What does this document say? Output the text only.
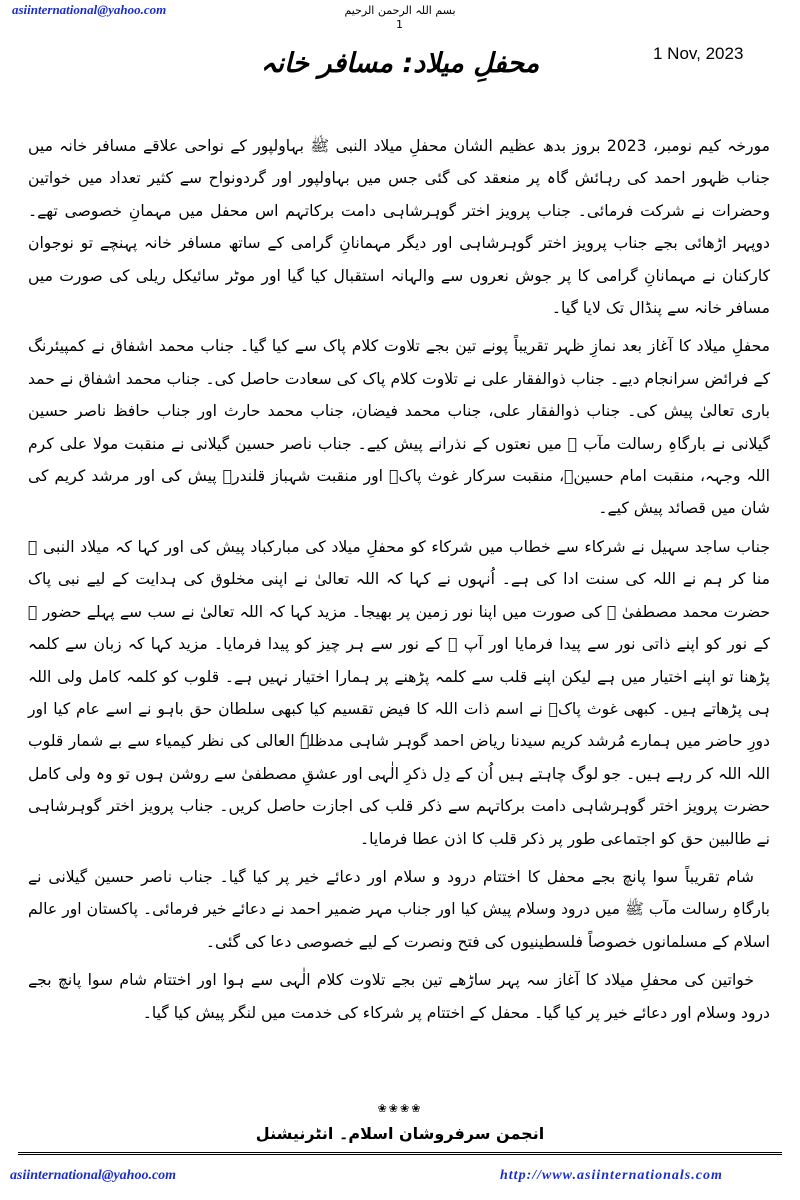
asiinternational@yahoo.com	بسم اللہ الرحمن الرحیم
1
1 Nov, 2023
محفلِ میلاد: مسافر خانہ

مورخہ کیم نومبر، 2023 بروز بدھ عظیم الشان محفلِ میلاد النبی ﷺ بہاولپور کے نواحی علاقے مسافر خانہ میں جناب ظہور احمد کی رہائش گاہ پر منعقد کی گئی جس میں بہاولپور اور گردونواح سے کثیر تعداد میں خواتین وحضرات نے شرکت فرمائی۔ جناب پرویز اختر گوہرشاہی دامت برکاتہم اس محفل میں مہمانِ خصوصی تھے۔ دوپہر اڑھائی بجے جناب پرویز اختر گوہرشاہی اور دیگر مہمانانِ گرامی کے ساتھ مسافر خانہ پہنچے تو نوجوان کارکنان نے مہمانانِ گرامی کا پر جوش نعروں سے والہانہ استقبال کیا گیا اور موٹر سائیکل ریلی کی صورت میں مسافر خانہ سے پنڈال تک لایا گیا۔

محفلِ میلاد کا آغاز بعد نمازِ ظہر تقریباً پونے تین بجے تلاوت کلام پاک سے کیا گیا۔ جناب محمد اشفاق نے کمپیئرنگ کے فرائض سرانجام دیے۔ جناب ذوالفقار علی نے تلاوت کلام پاک کی سعادت حاصل کی۔ جناب محمد اشفاق نے حمد باری تعالیٰ پیش کی۔ جناب ذوالفقار علی، جناب محمد فیضان، جناب محمد حارث اور جناب حافظ ناصر حسین گیلانی نے بارگاہِ رسالت مآب ﷺ میں نعتوں کے نذرانے پیش کیے۔ جناب ناصر حسین گیلانی نے منقبت مولا علی کرم اللہ وجہہ، منقبت امام حسینؑ، منقبت سرکار غوث پاکؓ اور منقبت شہباز قلندرؒ پیش کی اور مرشد کریم کی شان میں قصائد پیش کیے۔

جناب ساجد سہیل نے شرکاء سے خطاب میں شرکاء کو محفلِ میلاد کی مبارکباد پیش کی اور کہا کہ میلاد النبی ﷺ منا کر ہم نے اللہ کی سنت ادا کی ہے۔ اُنہوں نے کہا کہ اللہ تعالیٰ نے اپنی مخلوق کی ہدایت کے لیے نبی پاک حضرت محمد مصطفیٰ ﷺ کی صورت میں اپنا نور زمین پر بھیجا۔ مزید کہا کہ اللہ تعالیٰ نے سب سے پہلے حضور ﷺ کے نور کو اپنے ذاتی نور سے پیدا فرمایا اور آپ ﷺ کے نور سے ہر چیز کو پیدا فرمایا۔ مزید کہا کہ زبان سے کلمہ پڑھنا تو اپنے اختیار میں ہے لیکن اپنے قلب سے کلمہ پڑھنے پر ہمارا اختیار نہیں ہے۔ قلوب کو کلمہ کامل ولی اللہ ہی پڑھاتے ہیں۔ کبھی غوث پاکؓ نے اسم ذات اللہ کا فیض تقسیم کیا کبھی سلطان حق باہو نے اسے عام کیا اور دورِ حاضر میں ہمارے مُرشد کریم سیدنا ریاض احمد گوہر شاہی مدظلہٗ العالی کی نظر کیمیاء سے بے شمار قلوب اللہ اللہ کر رہے ہیں۔ جو لوگ چاہتے ہیں اُن کے دِل ذکرِ الٰہی اور عشقِ مصطفیٰ سے روشن ہوں تو وہ ولی کامل حضرت پرویز اختر گوہرشاہی دامت برکاتہم سے ذکر قلب کی اجازت حاصل کریں۔ جناب پرویز اختر گوہرشاہی نے طالبین حق کو اجتماعی طور پر ذکر قلب کا اذن عطا فرمایا۔

شام تقریباً سوا پانچ بجے محفل کا اختتام درود و سلام اور دعائے خیر پر کیا گیا۔ جناب ناصر حسین گیلانی نے بارگاہِ رسالت مآب ﷺ میں درود وسلام پیش کیا اور جناب مہر ضمیر احمد نے دعائے خیر فرمائی۔ پاکستان اور عالم اسلام کے مسلمانوں خصوصاً فلسطینیوں کی فتح ونصرت کے لیے خصوصی دعا کی گئی۔

خواتین کی محفلِ میلاد کا آغاز سہ پہر ساڑھے تین بجے تلاوت کلام الٰہی سے ہوا اور اختتام شام سوا پانچ بجے درود وسلام اور دعائے خیر پر کیا گیا۔ محفل کے اختتام پر شرکاء کی خدمت میں لنگر پیش کیا گیا۔

❀❀❀❀
انجمن سرفروشان اسلام۔ انٹرنیشنل
asiinternational@yahoo.com	http://www.asiinternationals.com
